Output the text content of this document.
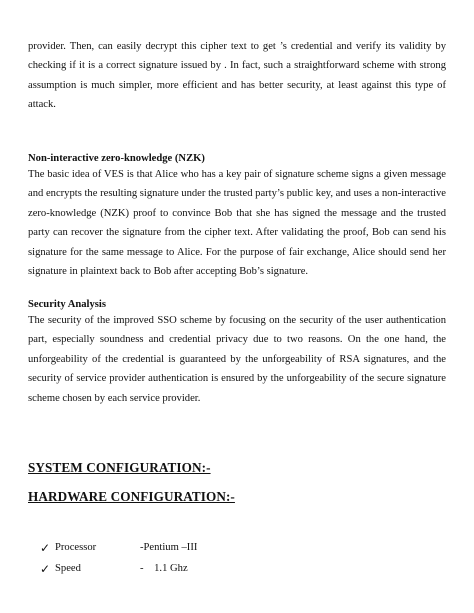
provider. Then, can easily decrypt this cipher text to get ’s credential and verify its validity by checking if it is a correct signature issued by . In fact, such a straightforward scheme with strong assumption is much simpler, more efficient and has better security, at least against this type of attack.

Non-interactive zero-knowledge (NZK)

The basic idea of VES is that Alice who has a key pair of signature scheme signs a given message and encrypts the resulting signature under the trusted party’s public key, and uses a non-interactive zero-knowledge (NZK) proof to convince Bob that she has signed the message and the trusted party can recover the signature from the cipher text. After validating the proof, Bob can send his signature for the same message to Alice. For the purpose of fair exchange, Alice should send her signature in plaintext back to Bob after accepting Bob’s signature.

Security Analysis

The security of the improved SSO scheme by focusing on the security of the user authentication part, especially soundness and credential privacy due to two reasons. On the one hand, the unforgeability of the credential is guaranteed by the unforgeability of RSA signatures, and the security of service provider authentication is ensured by the unforgeability of the secure signature scheme chosen by each service provider.

SYSTEM CONFIGURATION:-

HARDWARE CONFIGURATION:-

✓ Processor	-Pentium –III
✓ Speed	-    1.1 Ghz
